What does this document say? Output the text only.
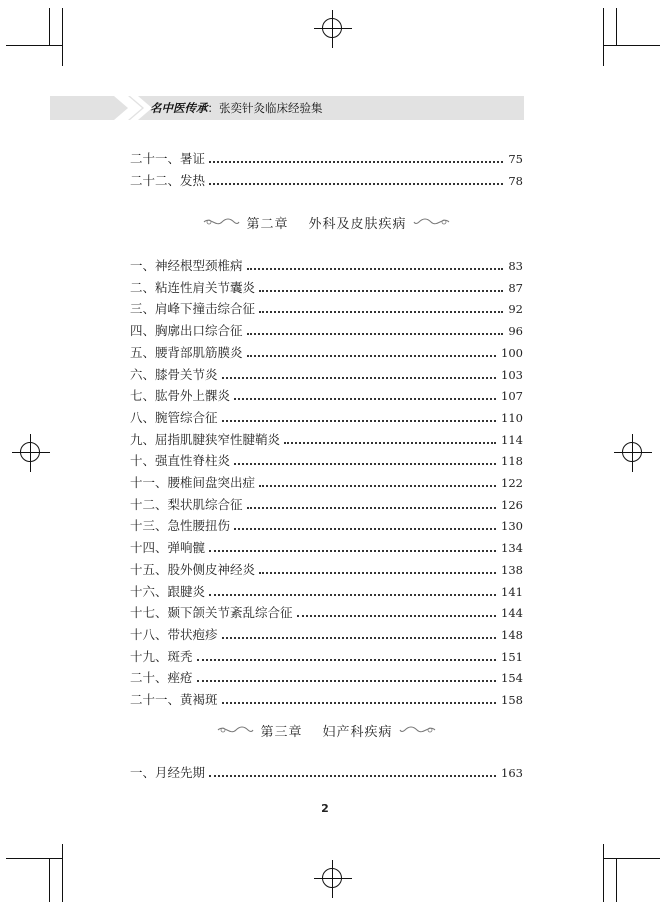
名中医传承：张奕针灸临床经验集
二十一、暑证	75
二十二、发热	78
第二章 外科及皮肤疾病
一、神经根型颈椎病	83
二、粘连性肩关节囊炎	87
三、肩峰下撞击综合征	92
四、胸廓出口综合征	96
五、腰背部肌筋膜炎	100
六、膝骨关节炎	103
七、肱骨外上髁炎	107
八、腕管综合征	110
九、屈指肌腱狭窄性腱鞘炎	114
十、强直性脊柱炎	118
十一、腰椎间盘突出症	122
十二、梨状肌综合征	126
十三、急性腰扭伤	130
十四、弹响髋	134
十五、股外侧皮神经炎	138
十六、跟腱炎	141
十七、颞下颌关节紊乱综合征	144
十八、带状疱疹	148
十九、斑秃	151
二十、痤疮	154
二十一、黄褐斑	158
第三章 妇产科疾病
一、月经先期	163
2
